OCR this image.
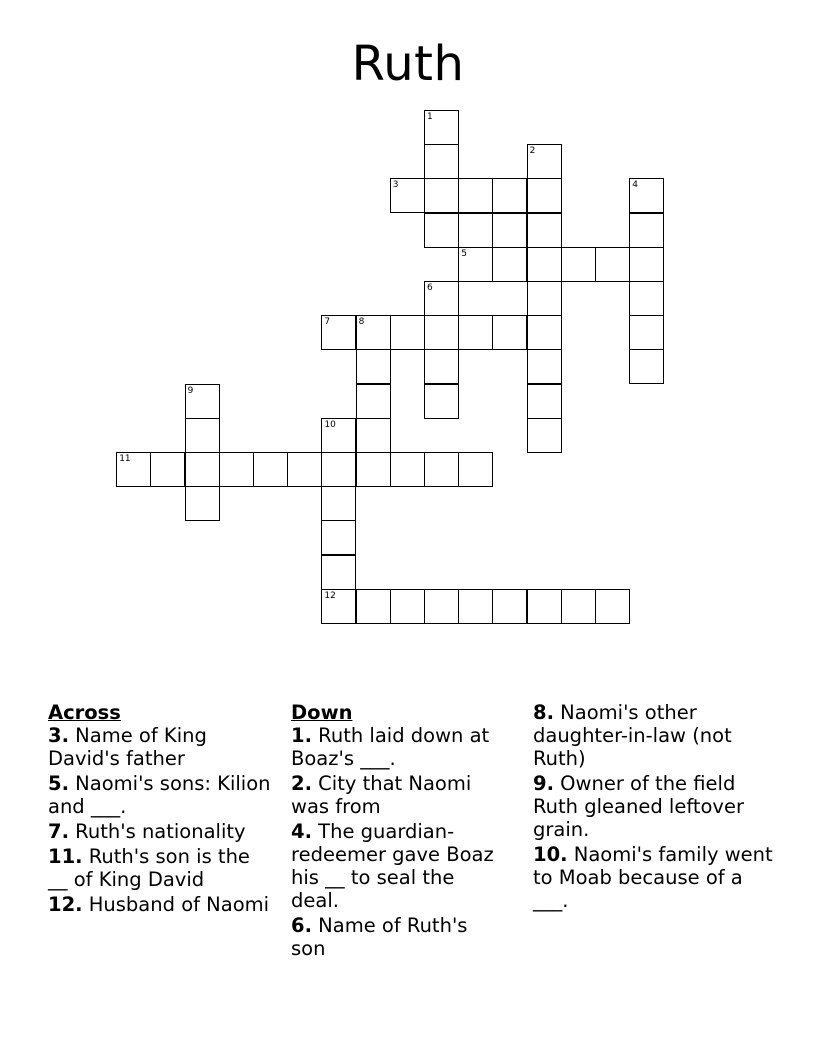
Ruth
1
2
3	4
5
6
7	8
9
10
11
12
Across
3. Name of King David's father
5. Naomi's sons: Kilion and ___.
7. Ruth's nationality
11. Ruth's son is the __ of King David
12. Husband of Naomi
Down
1. Ruth laid down at Boaz's ___.
2. City that Naomi was from
4. The guardian-redeemer gave Boaz his __ to seal the deal.
6. Name of Ruth's son
8. Naomi's other daughter-in-law (not Ruth)
9. Owner of the field Ruth gleaned leftover grain.
10. Naomi's family went to Moab because of a ___.
